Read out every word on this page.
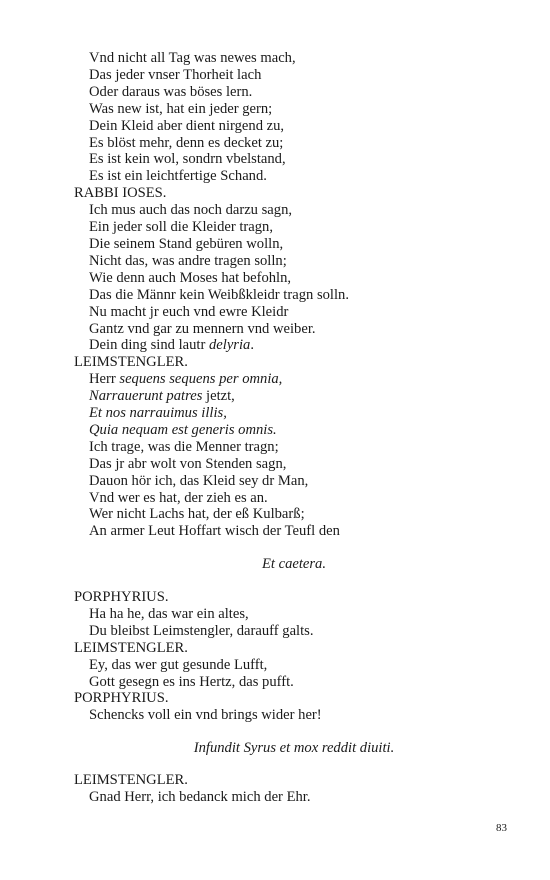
Vnd nicht all Tag was newes mach,
Das jeder vnser Thorheit lach
Oder daraus was böses lern.
Was new ist, hat ein jeder gern;
Dein Kleid aber dient nirgend zu,
Es blöst mehr, denn es decket zu;
Es ist kein wol, sondrn vbelstand,
Es ist ein leichtfertige Schand.
RABBI IOSES.
Ich mus auch das noch darzu sagn,
Ein jeder soll die Kleider tragn,
Die seinem Stand gebüren wolln,
Nicht das, was andre tragen solln;
Wie denn auch Moses hat befohln,
Das die Männr kein Weibßkleidr tragn solln.
Nu macht jr euch vnd ewre Kleidr
Gantz vnd gar zu mennern vnd weiber.
Dein ding sind lautr delyria.
LEIMSTENGLER.
Herr sequens sequens per omnia,
Narrauerunt patres jetzt,
Et nos narrauimus illis,
Quia nequam est generis omnis.
Ich trage, was die Menner tragn;
Das jr abr wolt von Stenden sagn,
Dauon hör ich, das Kleid sey dr Man,
Vnd wer es hat, der zieh es an.
Wer nicht Lachs hat, der eß Kulbarß;
An armer Leut Hoffart wisch der Teufl den
Et caetera.
PORPHYRIUS.
Ha ha he, das war ein altes,
Du bleibst Leimstengler, darauff galts.
LEIMSTENGLER.
Ey, das wer gut gesunde Lufft,
Gott gesegn es ins Hertz, das pufft.
PORPHYRIUS.
Schencks voll ein vnd brings wider her!
Infundit Syrus et mox reddit diuiti.
LEIMSTENGLER.
Gnad Herr, ich bedanck mich der Ehr.
83
